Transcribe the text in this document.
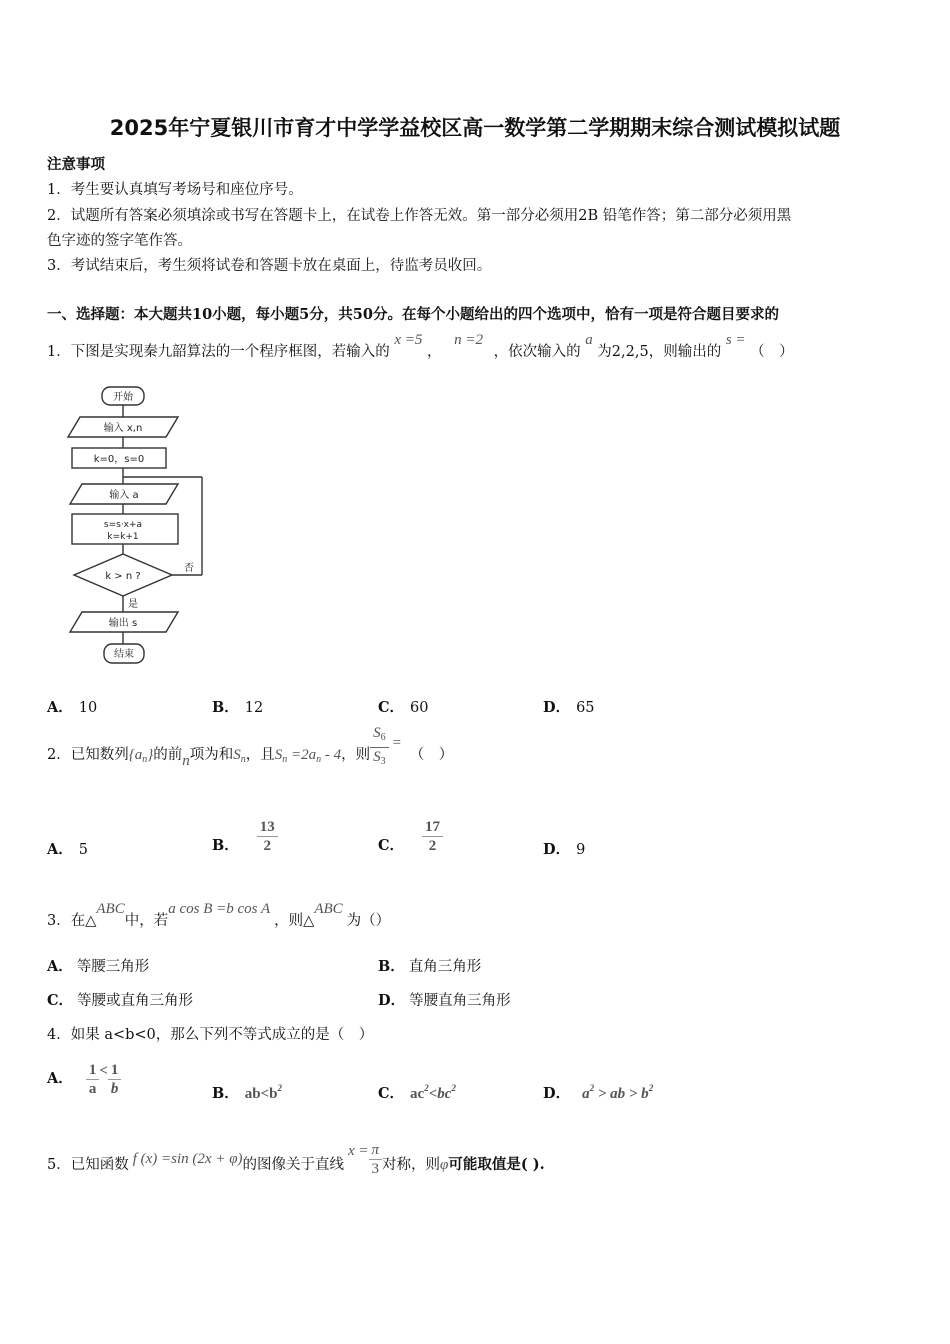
2025年宁夏银川市育才中学学益校区高一数学第二学期期末综合测试模拟试题
注意事项
1．考生要认真填写考场号和座位序号。
2．试题所有答案必须填涂或书写在答题卡上，在试卷上作答无效。第一部分必须用2B 铅笔作答；第二部分必须用黑
色字迹的签字笔作答。
3．考试结束后，考生须将试卷和答题卡放在桌面上，待监考员收回。
一、选择题：本大题共10小题，每小题5分，共50分。在每个小题给出的四个选项中，恰有一项是符合题目要求的
1．下图是实现秦九韶算法的一个程序框图，若输入的 x =5 ， n =2 ，依次输入的 a 为2,2,5，则输出的 s = （　）
开始
输入 x,n
k=0，s=0
输入 a
s=s·x+a
k=k+1
k > n ?
否
是
输出 s
结束
A． 10	B． 12	C． 60	D． 65
2．已知数列$\{a_n\}$的前n项为和$S_n$，且$S_n =2a_n - 4$，则 $\frac{S_6}{S_3}$ =（　）
A． 5	B． $\frac{13}{2}$	C． $\frac{17}{2}$	D． 9
3．在△ABC中，若a cos B =b cos A，则△ABC为（）
A． 等腰三角形	B． 直角三角形
C． 等腰或直角三角形	D． 等腰直角三角形
4．如果 a<b<0，那么下列不等式成立的是（　）
A． $\frac{1}{a} < \frac{1}{b}$	B． $ab<b^2$	C． $ac^2<bc^2$	D． $a^2$ > ab > $b^2$
5．已知函数 f (x) =sin (2x + φ)的图像关于直线$x = \frac{\pi}{3}$ 对称，则φ可能取值是( ).
